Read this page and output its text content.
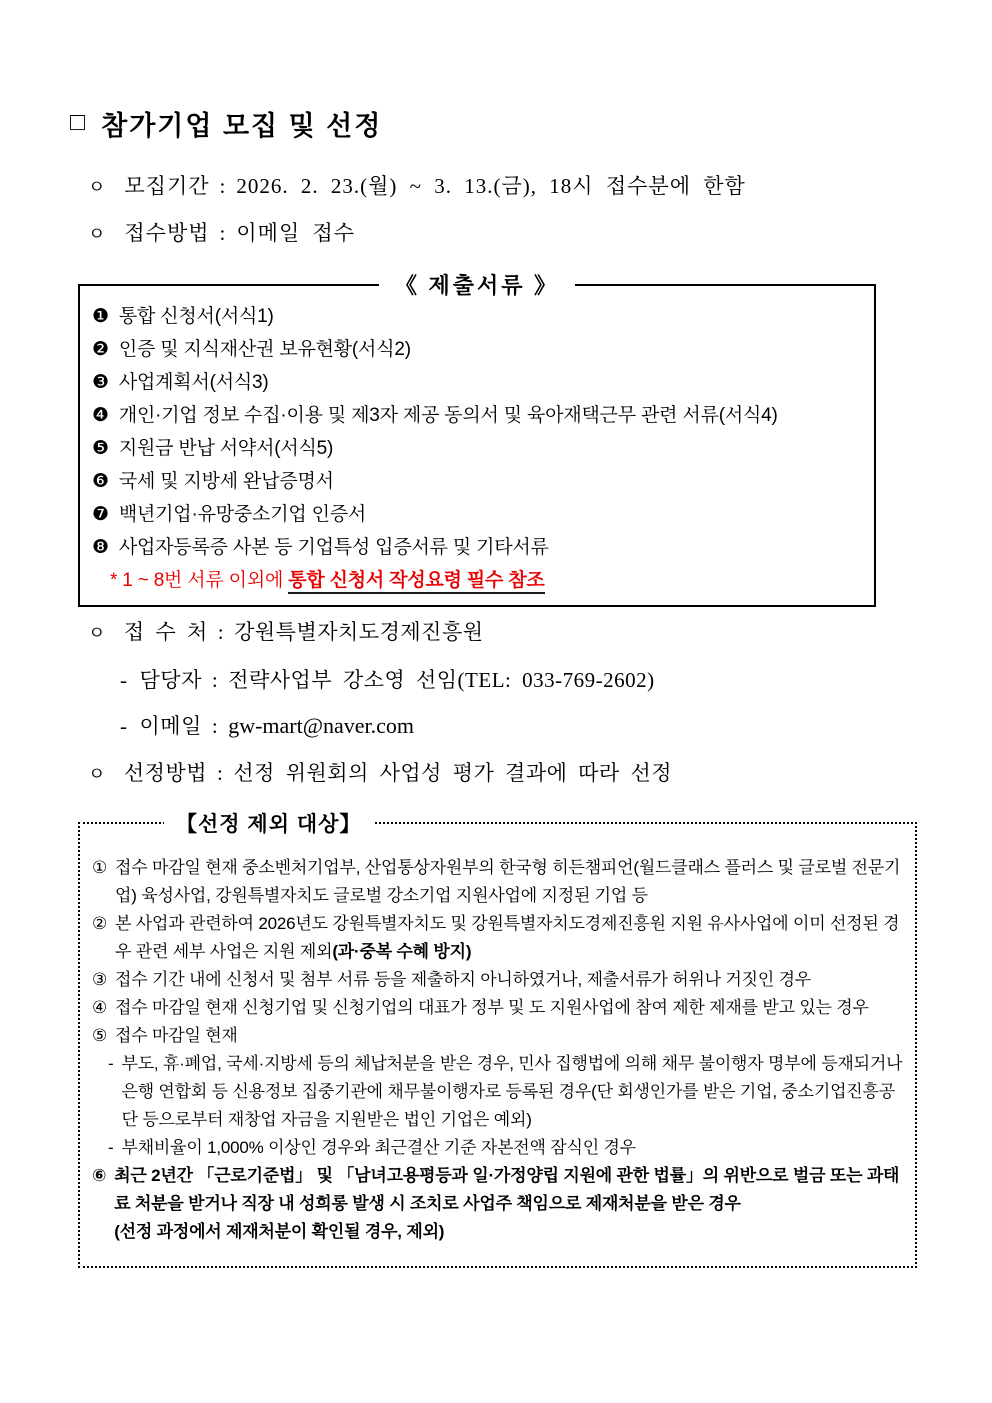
□ 참가기업 모집 및 선정
ㅇ 모집기간 : 2026. 2. 23.(월) ~ 3. 13.(금), 18시 접수분에 한함
ㅇ 접수방법 : 이메일 접수
《 제출서류 》
❶ 통합 신청서(서식1)
❷ 인증 및 지식재산권 보유현황(서식2)
❸ 사업계획서(서식3)
❹ 개인·기업 정보 수집·이용 및 제3자 제공 동의서 및 육아재택근무 관련 서류(서식4)
❺ 지원금 반납 서약서(서식5)
❻ 국세 및 지방세 완납증명서
❼ 백년기업·유망중소기업 인증서
❽ 사업자등록증 사본 등 기업특성 입증서류 및 기타서류
* 1 ~ 8번 서류 이외에 통합 신청서 작성요령 필수 참조
ㅇ 접 수 처 : 강원특별자치도경제진흥원
- 담당자 : 전략사업부 강소영 선임(TEL: 033-769-2602)
- 이메일 : gw-mart@naver.com
ㅇ 선정방법 : 선정 위원회의 사업성 평가 결과에 따라 선정
【선정 제외 대상】
① 접수 마감일 현재 중소벤처기업부, 산업통상자원부의 한국형 히든챔피언(월드클래스 플러스 및 글로벌 전문기업) 육성사업, 강원특별자치도 글로벌 강소기업 지원사업에 지정된 기업 등
② 본 사업과 관련하여 2026년도 강원특별자치도 및 강원특별자치도경제진흥원 지원 유사사업에 이미 선정된 경우 관련 세부 사업은 지원 제외(과·중복 수혜 방지)
③ 접수 기간 내에 신청서 및 첨부 서류 등을 제출하지 아니하였거나, 제출서류가 허위나 거짓인 경우
④ 접수 마감일 현재 신청기업 및 신청기업의 대표가 정부 및 도 지원사업에 참여 제한 제재를 받고 있는 경우
⑤ 접수 마감일 현재
- 부도, 휴·폐업, 국세·지방세 등의 체납처분을 받은 경우, 민사 집행법에 의해 채무 불이행자 명부에 등재되거나 은행 연합회 등 신용정보 집중기관에 채무불이행자로 등록된 경우(단 회생인가를 받은 기업, 중소기업진흥공단 등으로부터 재창업 자금을 지원받은 법인 기업은 예외)
- 부채비율이 1,000% 이상인 경우와 최근결산 기준 자본전액 잠식인 경우
⑥ 최근 2년간 「근로기준법」 및 「남녀고용평등과 일·가정양립 지원에 관한 법률」의 위반으로 벌금 또는 과태료 처분을 받거나 직장 내 성희롱 발생 시 조치로 사업주 책임으로 제재처분을 받은 경우
(선정 과정에서 제재처분이 확인될 경우, 제외)
